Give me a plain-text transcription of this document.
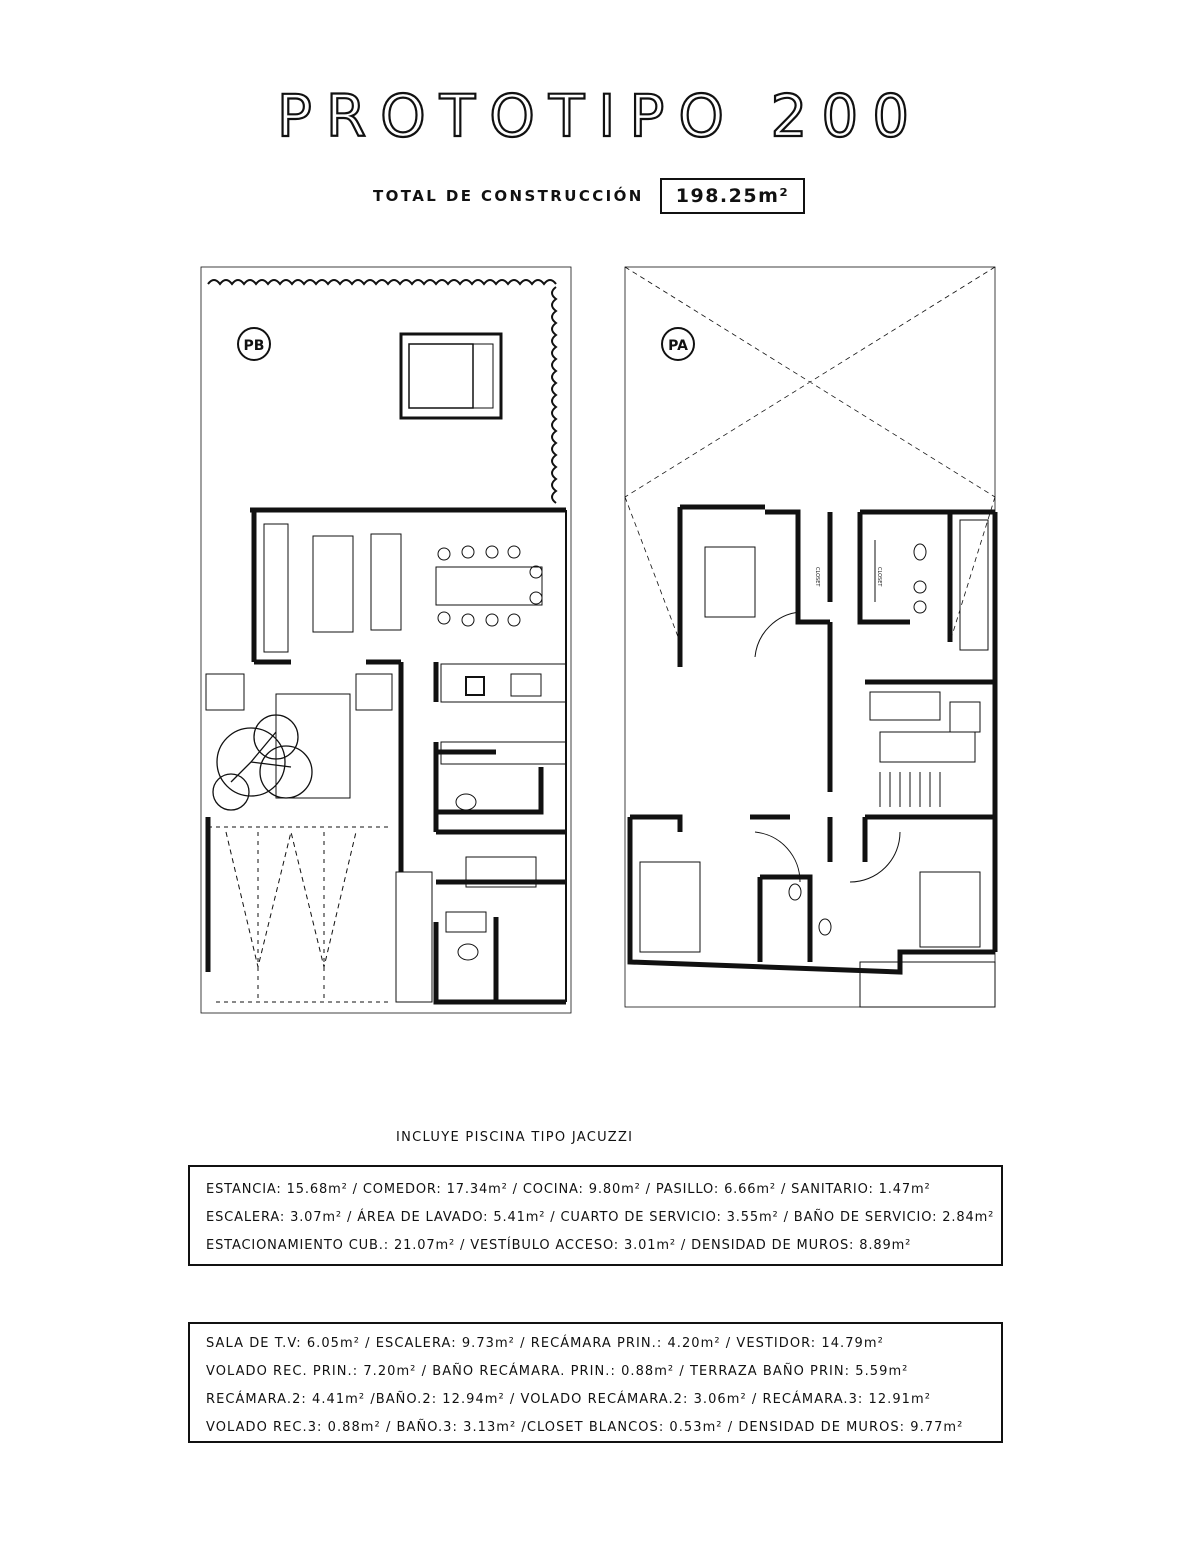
PROTOTIPO 200
TOTAL DE CONSTRUCCIÓN	198.25m²
PB	PA
CLOSET	CLOSET
INCLUYE PISCINA TIPO JACUZZI
ESTANCIA: 15.68m² / COMEDOR: 17.34m² / COCINA: 9.80m² / PASILLO: 6.66m² / SANITARIO: 1.47m²
ESCALERA: 3.07m² / ÁREA DE LAVADO: 5.41m² / CUARTO DE SERVICIO: 3.55m² / BAÑO DE SERVICIO: 2.84m²
ESTACIONAMIENTO CUB.: 21.07m² / VESTÍBULO ACCESO: 3.01m² / DENSIDAD DE MUROS: 8.89m²
SALA DE T.V: 6.05m² / ESCALERA: 9.73m² / RECÁMARA PRIN.: 4.20m² / VESTIDOR: 14.79m²
VOLADO REC. PRIN.: 7.20m² / BAÑO RECÁMARA. PRIN.: 0.88m² / TERRAZA BAÑO PRIN: 5.59m²
RECÁMARA.2: 4.41m² /BAÑO.2: 12.94m² / VOLADO RECÁMARA.2: 3.06m² / RECÁMARA.3: 12.91m²
VOLADO REC.3: 0.88m² / BAÑO.3: 3.13m² /CLOSET BLANCOS: 0.53m² / DENSIDAD DE MUROS: 9.77m²
